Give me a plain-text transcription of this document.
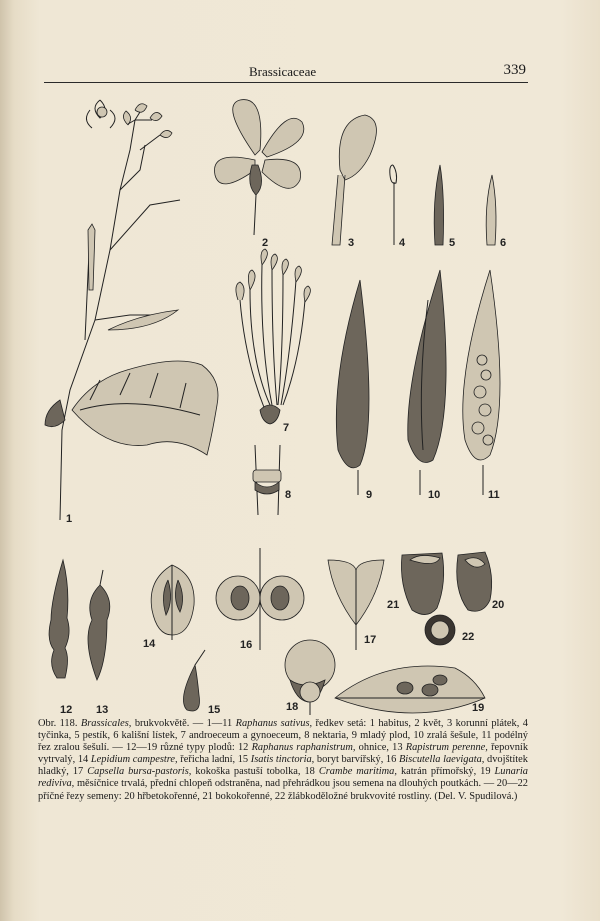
Brassicaceae	339
1
2	3	4	5	6
7
8	9	10	11
12 13
14
15
16	17
18	19
20
21
22
Obr. 118. Brassicales, brukvokvětě. — 1—11 Raphanus sativus, ředkev setá: 1 habitus, 2 květ, 3 korunní plátek, 4 tyčinka, 5 pestík, 6 kališní lístek, 7 androeceum a gynoeceum, 8 nektaria, 9 mladý plod, 10 zralá šešule, 11 podélný řez zralou šešulí. — 12—19 různé typy plodů: 12 Raphanus raphanistrum, ohnice, 13 Rapistrum perenne, řepovník vytrvalý, 14 Lepidium campestre, řeřicha ladní, 15 Isatis tinctoria, boryt barvířský, 16 Biscutella laevigata, dvojštítek hladký, 17 Capsella bursa-pastoris, kokoška pastuší tobolka, 18 Crambe maritima, katrán přímořský, 19 Lunaria rediviva, měsíčnice trvalá, přední chlopeň odstraněna, nad přehrádkou jsou semena na dlouhých poutkách. — 20—22 příčné řezy semeny: 20 hřbetokořenné, 21 bokokořenné, 22 žlábkoděložné brukvovité rostliny. (Del. V. Spudilová.)
